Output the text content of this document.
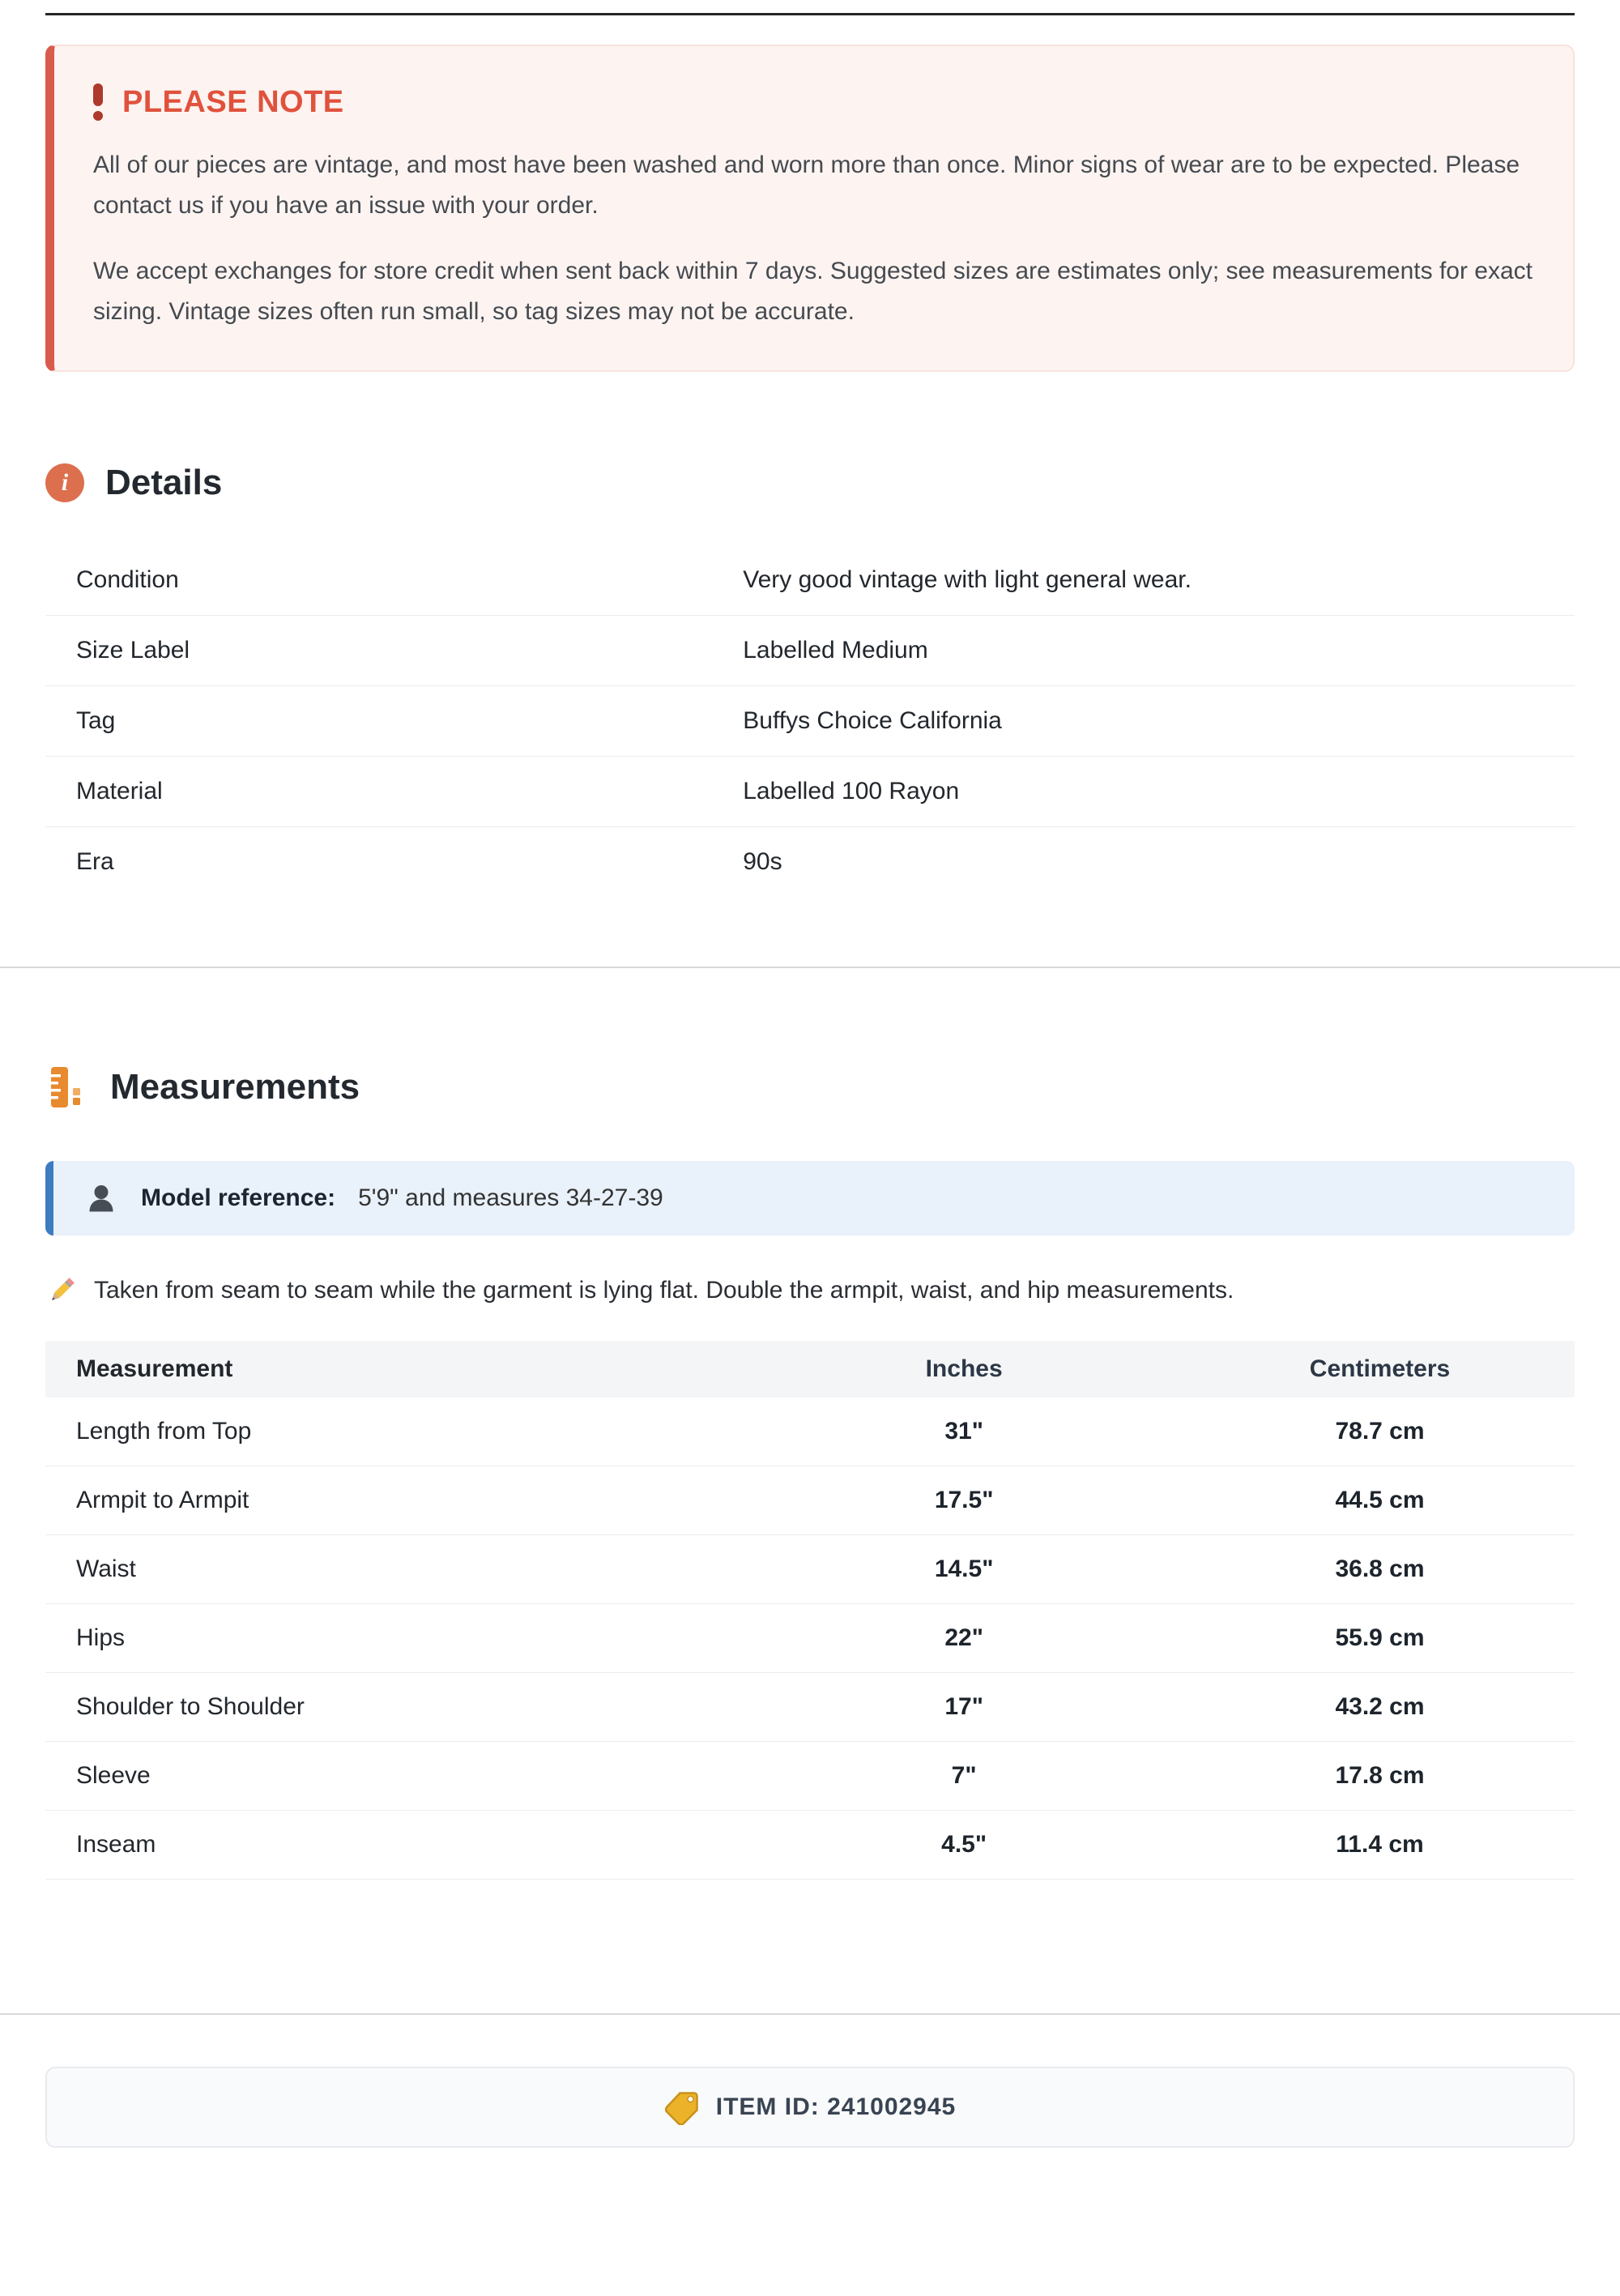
PLEASE NOTE

All of our pieces are vintage, and most have been washed and worn more than once. Minor signs of wear are to be expected. Please contact us if you have an issue with your order.

We accept exchanges for store credit when sent back within 7 days. Suggested sizes are estimates only; see measurements for exact sizing. Vintage sizes often run small, so tag sizes may not be accurate.

i Details
Condition	Very good vintage with light general wear.
Size Label	Labelled Medium
Tag	Buffys Choice California
Material	Labelled 100 Rayon
Era	90s
Measurements
Model reference: 5'9" and measures 34-27-39
Taken from seam to seam while the garment is lying flat. Double the armpit, waist, and hip measurements.
Measurement	Inches	Centimeters
Length from Top	31"	78.7 cm
Armpit to Armpit	17.5"	44.5 cm
Waist	14.5"	36.8 cm
Hips	22"	55.9 cm
Shoulder to Shoulder	17"	43.2 cm
Sleeve	7"	17.8 cm
Inseam	4.5"	11.4 cm
ITEM ID: 241002945
